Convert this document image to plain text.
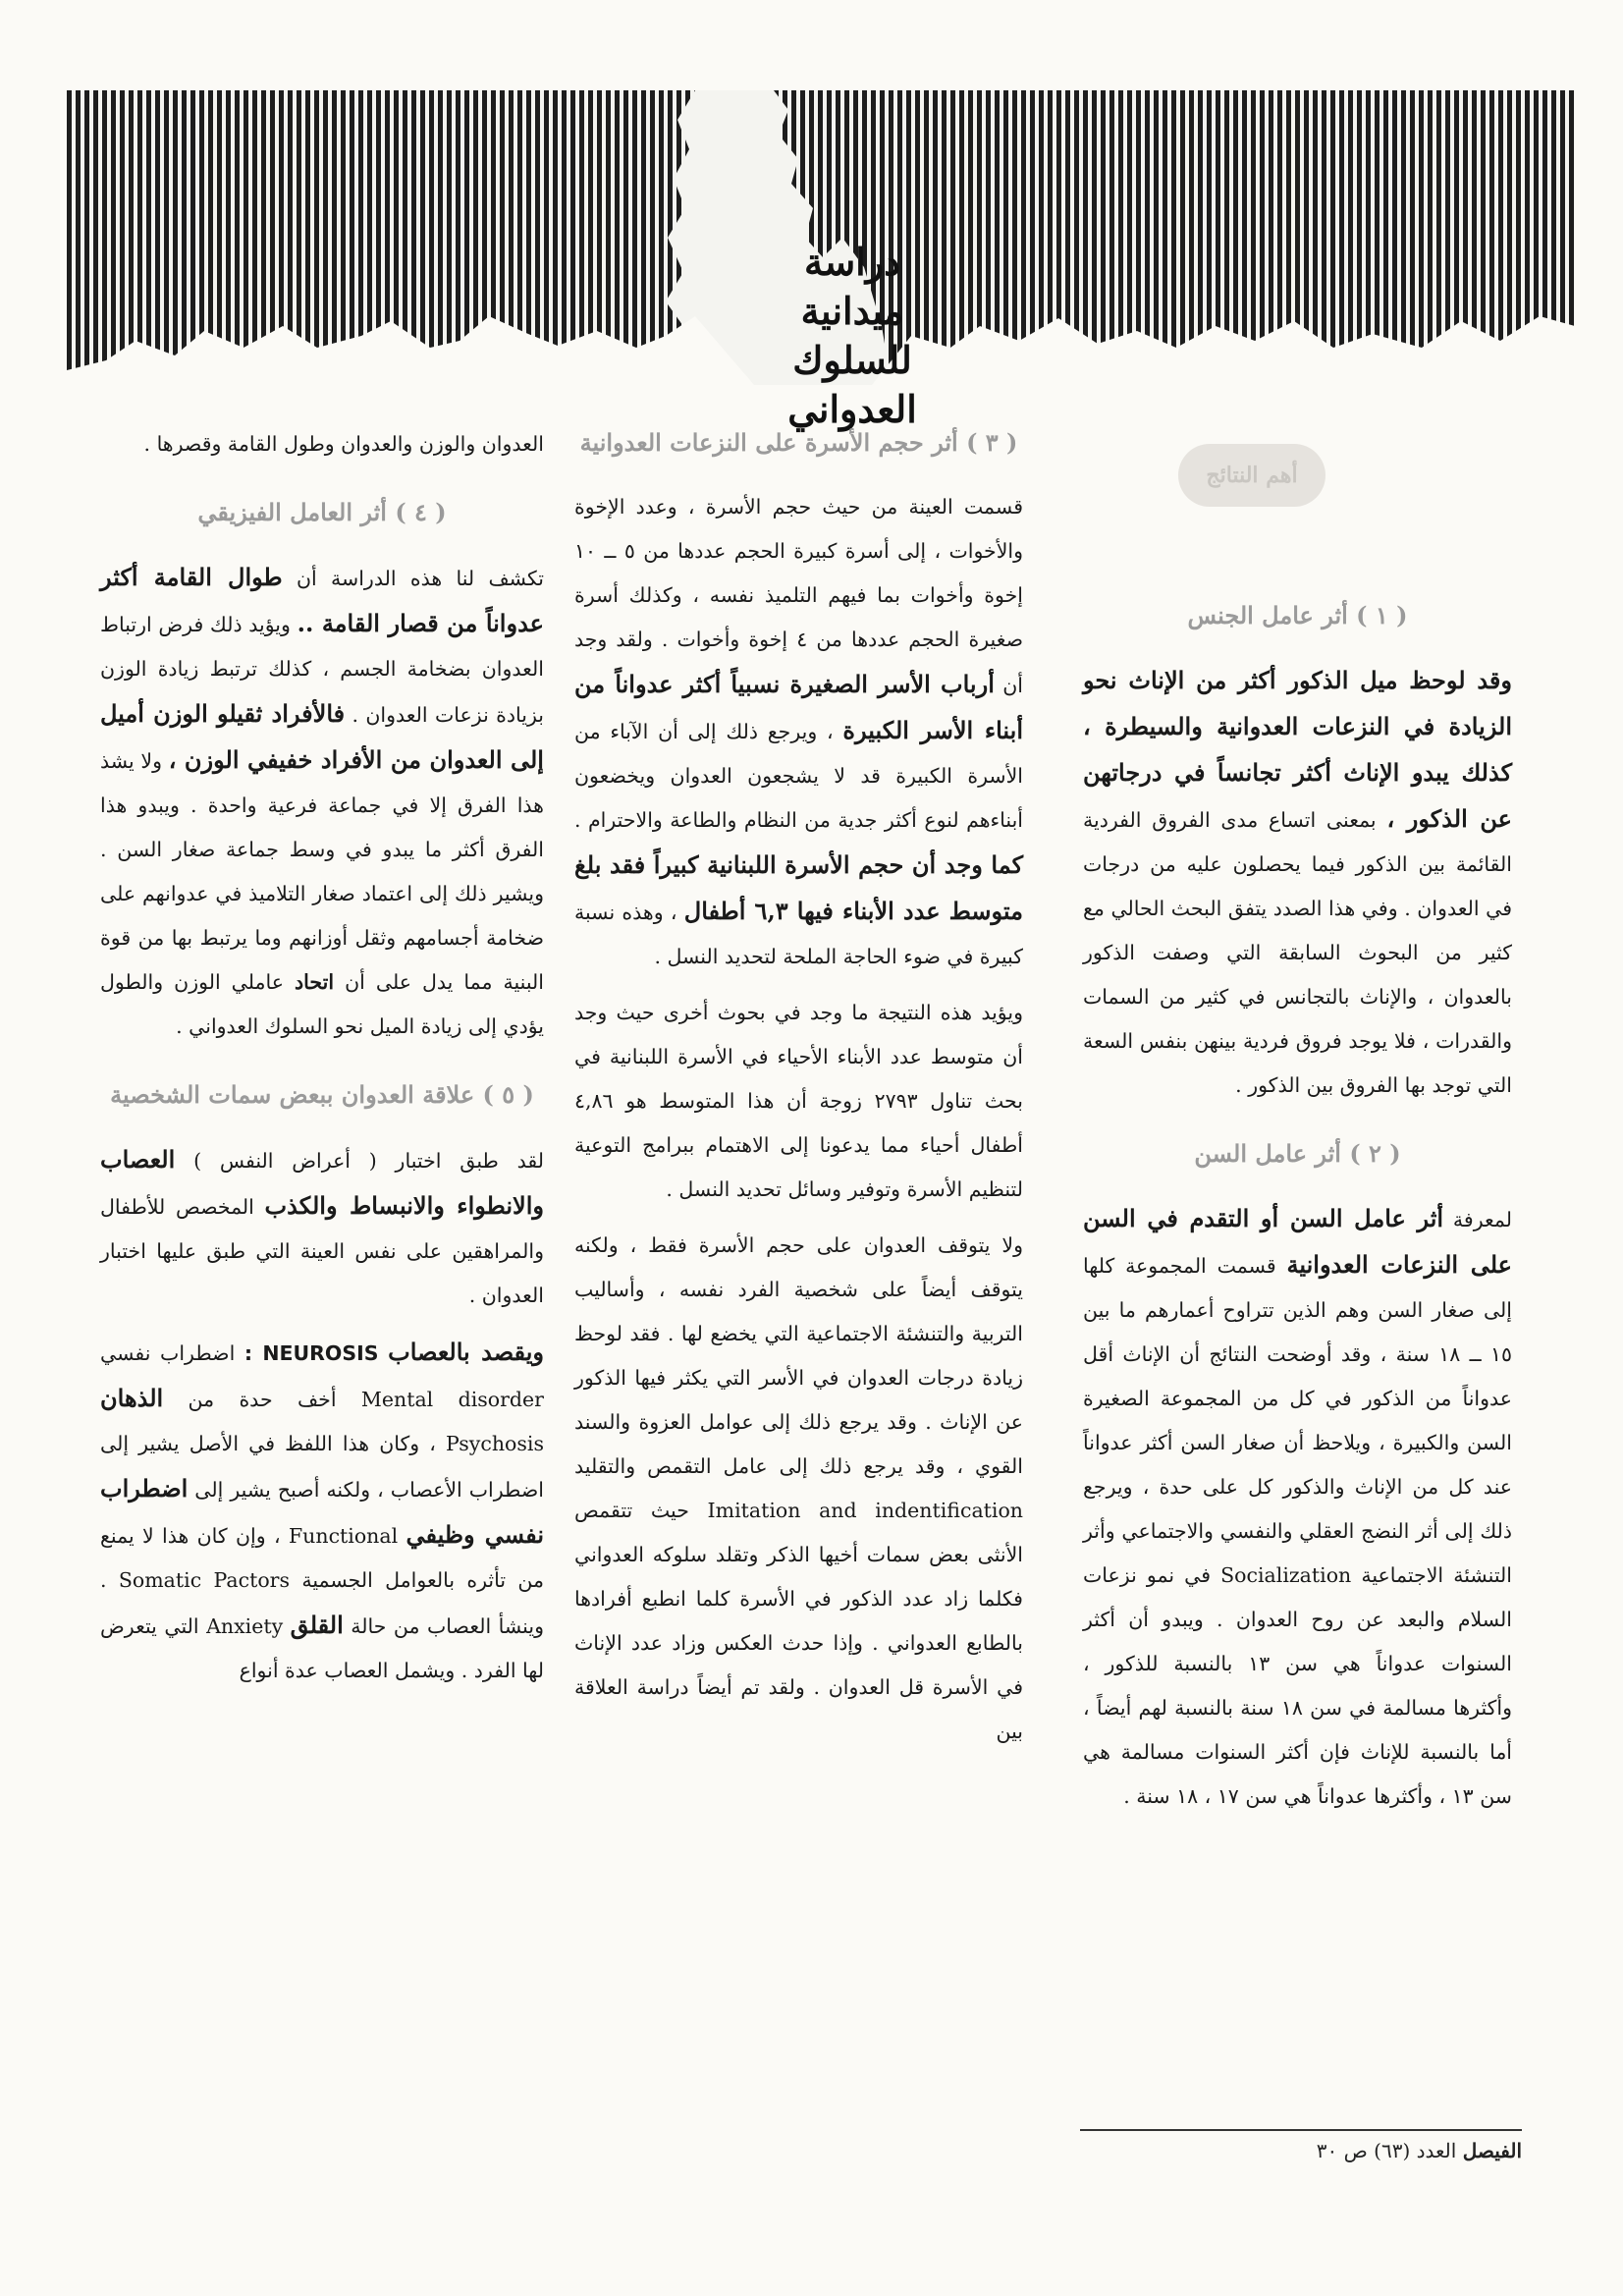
دراسة
ميدانية
للسلوك
العدواني
أهم النتائج
( ١ ) أثر عامل الجنس

وقد لوحظ ميل الذكور أكثر من الإناث نحو الزيادة في النزعات العدوانية والسيطرة ، كذلك يبدو الإناث أكثر تجانساً في درجاتهن عن الذكور ، بمعنى اتساع مدى الفروق الفردية القائمة بين الذكور فيما يحصلون عليه من درجات في العدوان . وفي هذا الصدد يتفق البحث الحالي مع كثير من البحوث السابقة التي وصفت الذكور بالعدوان ، والإناث بالتجانس في كثير من السمات والقدرات ، فلا يوجد فروق فردية بينهن بنفس السعة التي توجد بها الفروق بين الذكور .

( ٢ ) أثر عامل السن

لمعرفة أثر عامل السن أو التقدم في السن على النزعات العدوانية قسمت المجموعة كلها إلى صغار السن وهم الذين تتراوح أعمارهم ما بين ١٥ ــ ١٨ سنة ، وقد أوضحت النتائج أن الإناث أقل عدواناً من الذكور في كل من المجموعة الصغيرة السن والكبيرة ، ويلاحظ أن صغار السن أكثر عدواناً عند كل من الإناث والذكور كل على حدة ، ويرجع ذلك إلى أثر النضج العقلي والنفسي والاجتماعي وأثر التنشئة الاجتماعية Socialization في نمو نزعات السلام والبعد عن روح العدوان . ويبدو أن أكثر السنوات عدواناً هي سن ١٣ بالنسبة للذكور ، وأكثرها مسالمة في سن ١٨ سنة بالنسبة لهم أيضاً ، أما بالنسبة للإناث فإن أكثر السنوات مسالمة هي سن ١٣ ، وأكثرها عدواناً هي سن ١٧ ، ١٨ سنة .

( ٣ ) أثر حجم الأسرة على النزعات العدوانية

قسمت العينة من حيث حجم الأسرة ، وعدد الإخوة والأخوات ، إلى أسرة كبيرة الحجم عددها من ٥ ــ ١٠ إخوة وأخوات بما فيهم التلميذ نفسه ، وكذلك أسرة صغيرة الحجم عددها من ٤ إخوة وأخوات . ولقد وجد أن أرباب الأسر الصغيرة نسبياً أكثر عدواناً من أبناء الأسر الكبيرة ، ويرجع ذلك إلى أن الآباء من الأسرة الكبيرة قد لا يشجعون العدوان ويخضعون أبناءهم لنوع أكثر جدية من النظام والطاعة والاحترام . كما وجد أن حجم الأسرة اللبنانية كبيراً فقد بلغ متوسط عدد الأبناء فيها ٦,٣ أطفال ، وهذه نسبة كبيرة في ضوء الحاجة الملحة لتحديد النسل .

ويؤيد هذه النتيجة ما وجد في بحوث أخرى حيث وجد أن متوسط عدد الأبناء الأحياء في الأسرة اللبنانية في بحث تناول ٢٧٩٣ زوجة أن هذا المتوسط هو ٤,٨٦ أطفال أحياء مما يدعونا إلى الاهتمام ببرامج التوعية لتنظيم الأسرة وتوفير وسائل تحديد النسل .

ولا يتوقف العدوان على حجم الأسرة فقط ، ولكنه يتوقف أيضاً على شخصية الفرد نفسه ، وأساليب التربية والتنشئة الاجتماعية التي يخضع لها . فقد لوحظ زيادة درجات العدوان في الأسر التي يكثر فيها الذكور عن الإناث . وقد يرجع ذلك إلى عوامل العزوة والسند القوي ، وقد يرجع ذلك إلى عامل التقمص والتقليد Imitation and indentification حيث تتقمص الأنثى بعض سمات أخيها الذكر وتقلد سلوكه العدواني فكلما زاد عدد الذكور في الأسرة كلما انطبع أفرادها بالطابع العدواني . وإذا حدث العكس وزاد عدد الإناث في الأسرة قل العدوان . ولقد تم أيضاً دراسة العلاقة بين

العدوان والوزن والعدوان وطول القامة وقصرها .

( ٤ ) أثر العامل الفيزيقي

تكشف لنا هذه الدراسة أن طوال القامة أكثر عدواناً من قصار القامة .. ويؤيد ذلك فرض ارتباط العدوان بضخامة الجسم ، كذلك ترتبط زيادة الوزن بزيادة نزعات العدوان . فالأفراد ثقيلو الوزن أميل إلى العدوان من الأفراد خفيفي الوزن ، ولا يشذ هذا الفرق إلا في جماعة فرعية واحدة . ويبدو هذا الفرق أكثر ما يبدو في وسط جماعة صغار السن . ويشير ذلك إلى اعتماد صغار التلاميذ في عدوانهم على ضخامة أجسامهم وثقل أوزانهم وما يرتبط بها من قوة البنية مما يدل على أن اتحاد عاملي الوزن والطول يؤدي إلى زيادة الميل نحو السلوك العدواني .

( ٥ ) علاقة العدوان ببعض سمات الشخصية

لقد طبق اختبار ( أعراض النفس ) العصاب والانطواء والانبساط والكذب المخصص للأطفال والمراهقين على نفس العينة التي طبق عليها اختبار العدوان .

ويقصد بالعصاب NEUROSIS : اضطراب نفسي Mental disorder أخف حدة من الذهان Psychosis ، وكان هذا اللفظ في الأصل يشير إلى اضطراب الأعصاب ، ولكنه أصبح يشير إلى اضطراب نفسي وظيفي Functional ، وإن كان هذا لا يمنع من تأثره بالعوامل الجسمية Somatic Pactors . وينشأ العصاب من حالة القلق Anxiety التي يتعرض لها الفرد . ويشمل العصاب عدة أنواع

الفيصل العدد (٦٣) ص ٣٠
